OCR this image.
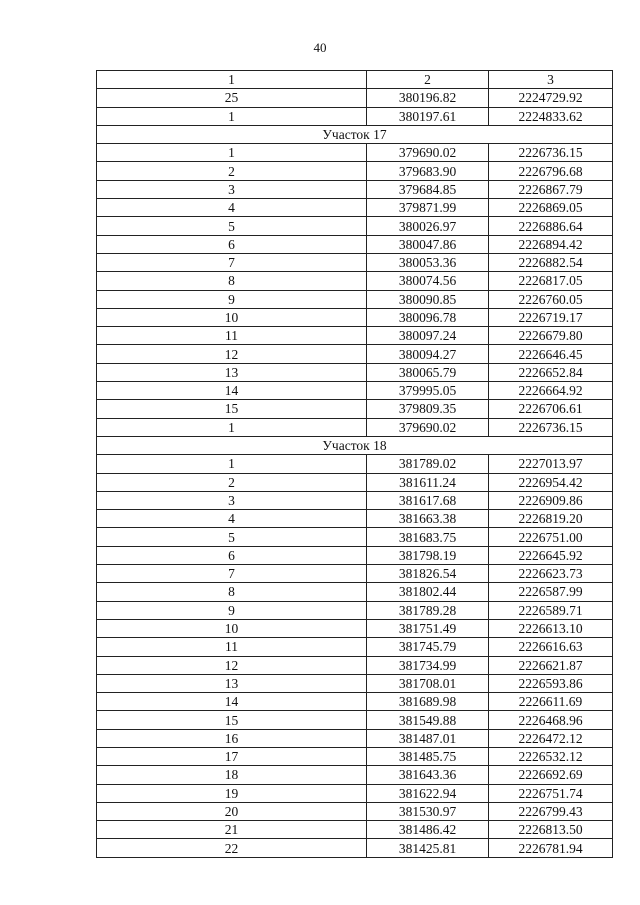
40
1	2	3
25	380196.82	2224729.92
1	380197.61	2224833.62
Участок 17		
1	379690.02	2226736.15
2	379683.90	2226796.68
3	379684.85	2226867.79
4	379871.99	2226869.05
5	380026.97	2226886.64
6	380047.86	2226894.42
7	380053.36	2226882.54
8	380074.56	2226817.05
9	380090.85	2226760.05
10	380096.78	2226719.17
11	380097.24	2226679.80
12	380094.27	2226646.45
13	380065.79	2226652.84
14	379995.05	2226664.92
15	379809.35	2226706.61
1	379690.02	2226736.15
Участок 18		
1	381789.02	2227013.97
2	381611.24	2226954.42
3	381617.68	2226909.86
4	381663.38	2226819.20
5	381683.75	2226751.00
6	381798.19	2226645.92
7	381826.54	2226623.73
8	381802.44	2226587.99
9	381789.28	2226589.71
10	381751.49	2226613.10
11	381745.79	2226616.63
12	381734.99	2226621.87
13	381708.01	2226593.86
14	381689.98	2226611.69
15	381549.88	2226468.96
16	381487.01	2226472.12
17	381485.75	2226532.12
18	381643.36	2226692.69
19	381622.94	2226751.74
20	381530.97	2226799.43
21	381486.42	2226813.50
22	381425.81	2226781.94
